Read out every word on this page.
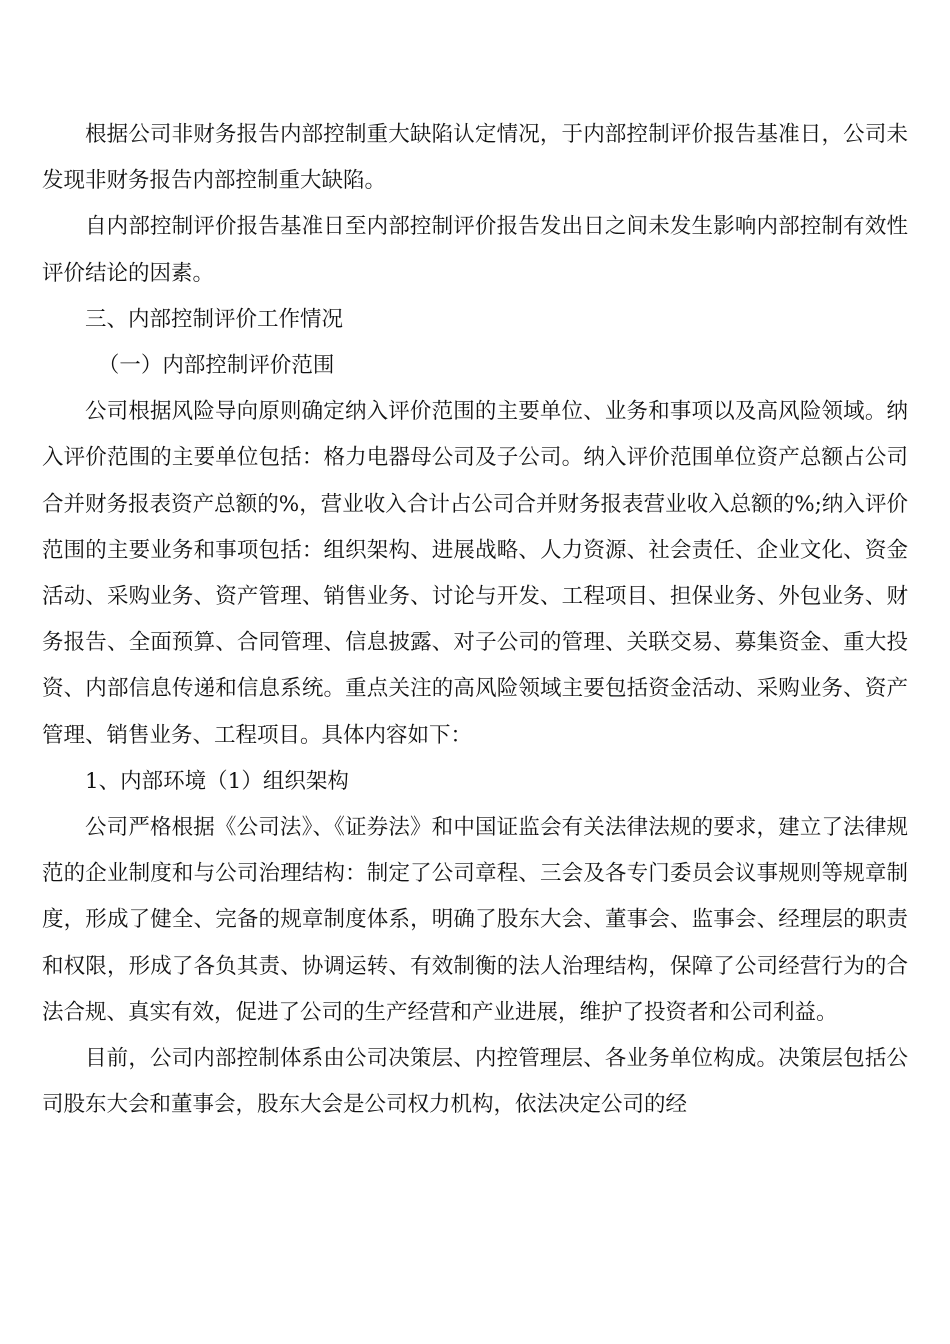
根据公司非财务报告内部控制重大缺陷认定情况，于内部控制评价报告基准日，公司未发现非财务报告内部控制重大缺陷。

自内部控制评价报告基准日至内部控制评价报告发出日之间未发生影响内部控制有效性评价结论的因素。

三、内部控制评价工作情况

（一）内部控制评价范围

公司根据风险导向原则确定纳入评价范围的主要单位、业务和事项以及高风险领域。纳入评价范围的主要单位包括：格力电器母公司及子公司。纳入评价范围单位资产总额占公司合并财务报表资产总额的%，营业收入合计占公司合并财务报表营业收入总额的%;纳入评价范围的主要业务和事项包括：组织架构、进展战略、人力资源、社会责任、企业文化、资金活动、采购业务、资产管理、销售业务、讨论与开发、工程项目、担保业务、外包业务、财务报告、全面预算、合同管理、信息披露、对子公司的管理、关联交易、募集资金、重大投资、内部信息传递和信息系统。重点关注的高风险领域主要包括资金活动、采购业务、资产管理、销售业务、工程项目。具体内容如下：

1、内部环境（1）组织架构

公司严格根据《公司法》、《证券法》和中国证监会有关法律法规的要求，建立了法律规范的企业制度和与公司治理结构：制定了公司章程、三会及各专门委员会议事规则等规章制度，形成了健全、完备的规章制度体系，明确了股东大会、董事会、监事会、经理层的职责和权限，形成了各负其责、协调运转、有效制衡的法人治理结构，保障了公司经营行为的合法合规、真实有效，促进了公司的生产经营和产业进展，维护了投资者和公司利益。

目前，公司内部控制体系由公司决策层、内控管理层、各业务单位构成。决策层包括公司股东大会和董事会，股东大会是公司权力机构，依法决定公司的经
